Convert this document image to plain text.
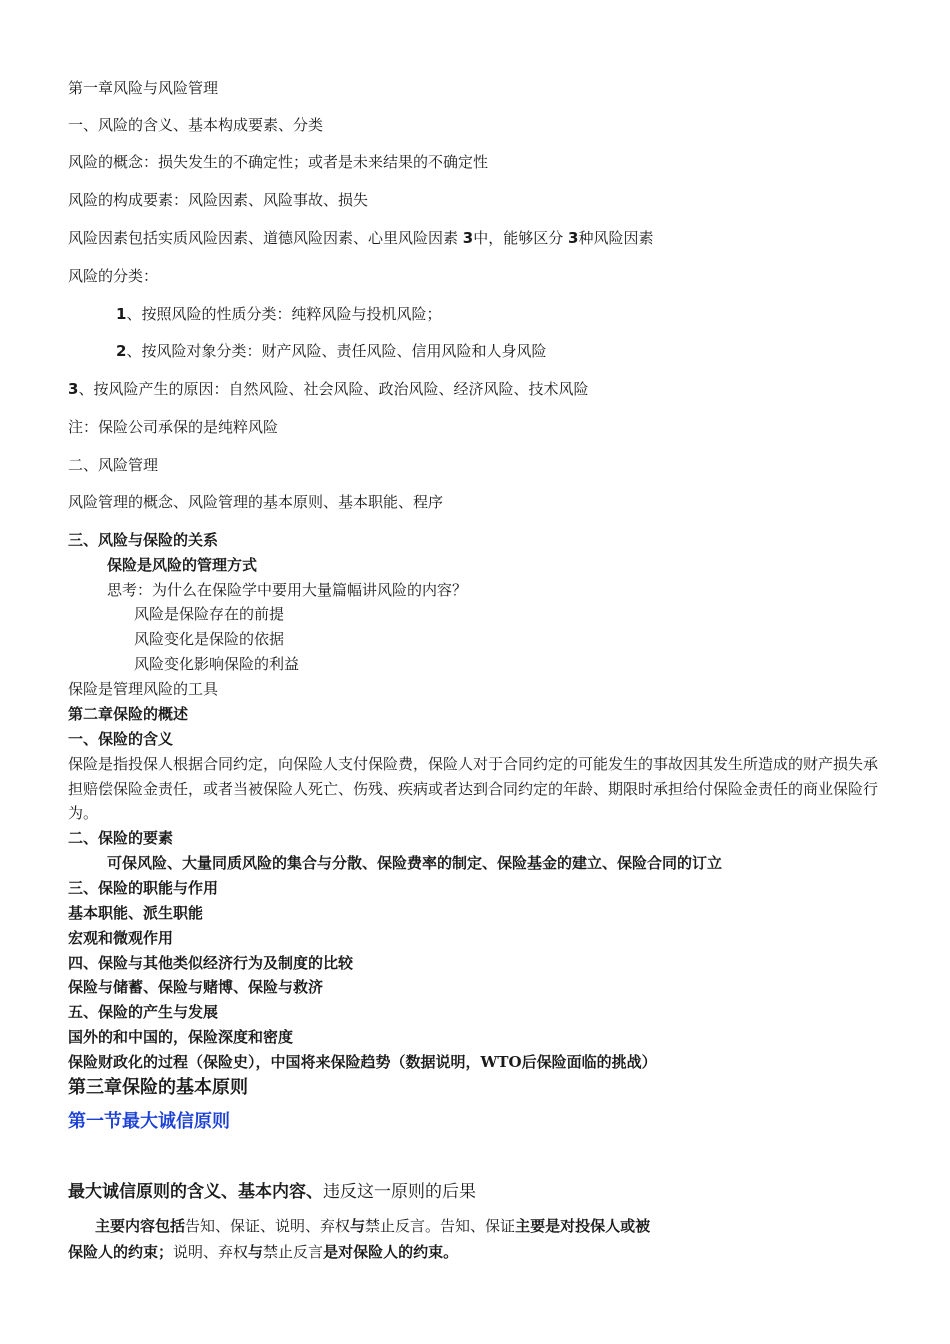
第一章风险与风险管理
一、风险的含义、基本构成要素、分类
风险的概念：损失发生的不确定性；或者是未来结果的不确定性
风险的构成要素：风险因素、风险事故、损失
风险因素包括实质风险因素、道德风险因素、心里风险因素 3中，能够区分 3种风险因素
风险的分类：
1、按照风险的性质分类：纯粹风险与投机风险；
2、按风险对象分类：财产风险、责任风险、信用风险和人身风险
3、按风险产生的原因：自然风险、社会风险、政治风险、经济风险、技术风险
注：保险公司承保的是纯粹风险
二、风险管理
风险管理的概念、风险管理的基本原则、基本职能、程序
三、风险与保险的关系
保险是风险的管理方式
思考：为什么在保险学中要用大量篇幅讲风险的内容？
风险是保险存在的前提
风险变化是保险的依据
风险变化影响保险的利益
保险是管理风险的工具
第二章保险的概述
一、保险的含义
保险是指投保人根据合同约定，向保险人支付保险费，保险人对于合同约定的可能发生的事故因其发生所造成的财产损失承担赔偿保险金责任，或者当被保险人死亡、伤残、疾病或者达到合同约定的年龄、期限时承担给付保险金责任的商业保险行为。
二、保险的要素
可保风险、大量同质风险的集合与分散、保险费率的制定、保险基金的建立、保险合同的订立
三、保险的职能与作用
基本职能、派生职能
宏观和微观作用
四、保险与其他类似经济行为及制度的比较
保险与储蓄、保险与赌博、保险与救济
五、保险的产生与发展
国外的和中国的，保险深度和密度
保险财政化的过程（保险史），中国将来保险趋势（数据说明，WTO后保险面临的挑战）
第三章保险的基本原则
第一节最大诚信原则
最大诚信原则的含义、基本内容、违反这一原则的后果
主要内容包括告知、保证、说明、弃权与禁止反言。告知、保证主要是对投保人或被
保险人的约束；说明、弃权与禁止反言是对保险人的约束。
